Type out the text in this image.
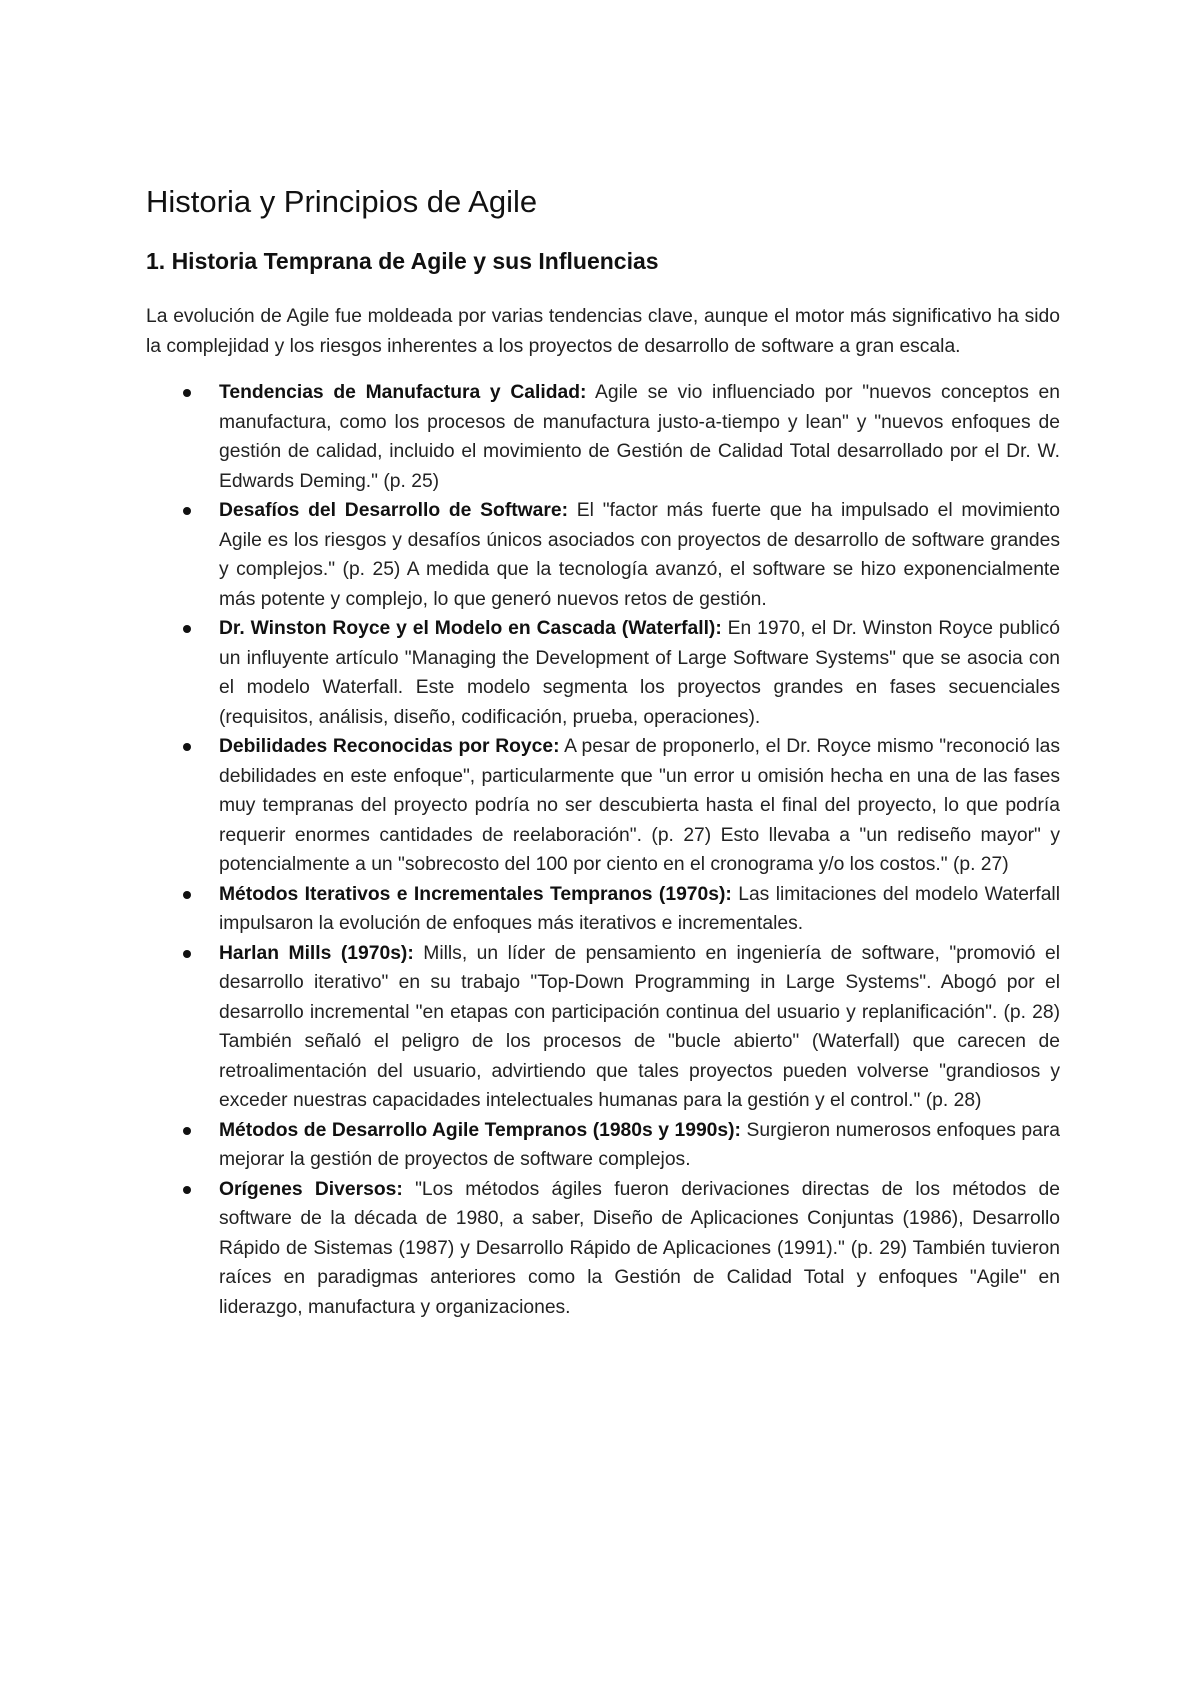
Historia y Principios de Agile
1. Historia Temprana de Agile y sus Influencias

La evolución de Agile fue moldeada por varias tendencias clave, aunque el motor más significativo ha sido la complejidad y los riesgos inherentes a los proyectos de desarrollo de software a gran escala.

Tendencias de Manufactura y Calidad: Agile se vio influenciado por "nuevos conceptos en manufactura, como los procesos de manufactura justo-a-tiempo y lean" y "nuevos enfoques de gestión de calidad, incluido el movimiento de Gestión de Calidad Total desarrollado por el Dr. W. Edwards Deming." (p. 25)
Desafíos del Desarrollo de Software: El "factor más fuerte que ha impulsado el movimiento Agile es los riesgos y desafíos únicos asociados con proyectos de desarrollo de software grandes y complejos." (p. 25) A medida que la tecnología avanzó, el software se hizo exponencialmente más potente y complejo, lo que generó nuevos retos de gestión.
Dr. Winston Royce y el Modelo en Cascada (Waterfall): En 1970, el Dr. Winston Royce publicó un influyente artículo "Managing the Development of Large Software Systems" que se asocia con el modelo Waterfall. Este modelo segmenta los proyectos grandes en fases secuenciales (requisitos, análisis, diseño, codificación, prueba, operaciones).
Debilidades Reconocidas por Royce: A pesar de proponerlo, el Dr. Royce mismo "reconoció las debilidades en este enfoque", particularmente que "un error u omisión hecha en una de las fases muy tempranas del proyecto podría no ser descubierta hasta el final del proyecto, lo que podría requerir enormes cantidades de reelaboración". (p. 27) Esto llevaba a "un rediseño mayor" y potencialmente a un "sobrecosto del 100 por ciento en el cronograma y/o los costos." (p. 27)
Métodos Iterativos e Incrementales Tempranos (1970s): Las limitaciones del modelo Waterfall impulsaron la evolución de enfoques más iterativos e incrementales.
Harlan Mills (1970s): Mills, un líder de pensamiento en ingeniería de software, "promovió el desarrollo iterativo" en su trabajo "Top-Down Programming in Large Systems". Abogó por el desarrollo incremental "en etapas con participación continua del usuario y replanificación". (p. 28) También señaló el peligro de los procesos de "bucle abierto" (Waterfall) que carecen de retroalimentación del usuario, advirtiendo que tales proyectos pueden volverse "grandiosos y exceder nuestras capacidades intelectuales humanas para la gestión y el control." (p. 28)
Métodos de Desarrollo Agile Tempranos (1980s y 1990s): Surgieron numerosos enfoques para mejorar la gestión de proyectos de software complejos.
Orígenes Diversos: "Los métodos ágiles fueron derivaciones directas de los métodos de software de la década de 1980, a saber, Diseño de Aplicaciones Conjuntas (1986), Desarrollo Rápido de Sistemas (1987) y Desarrollo Rápido de Aplicaciones (1991)." (p. 29) También tuvieron raíces en paradigmas anteriores como la Gestión de Calidad Total y enfoques "Agile" en liderazgo, manufactura y organizaciones.
